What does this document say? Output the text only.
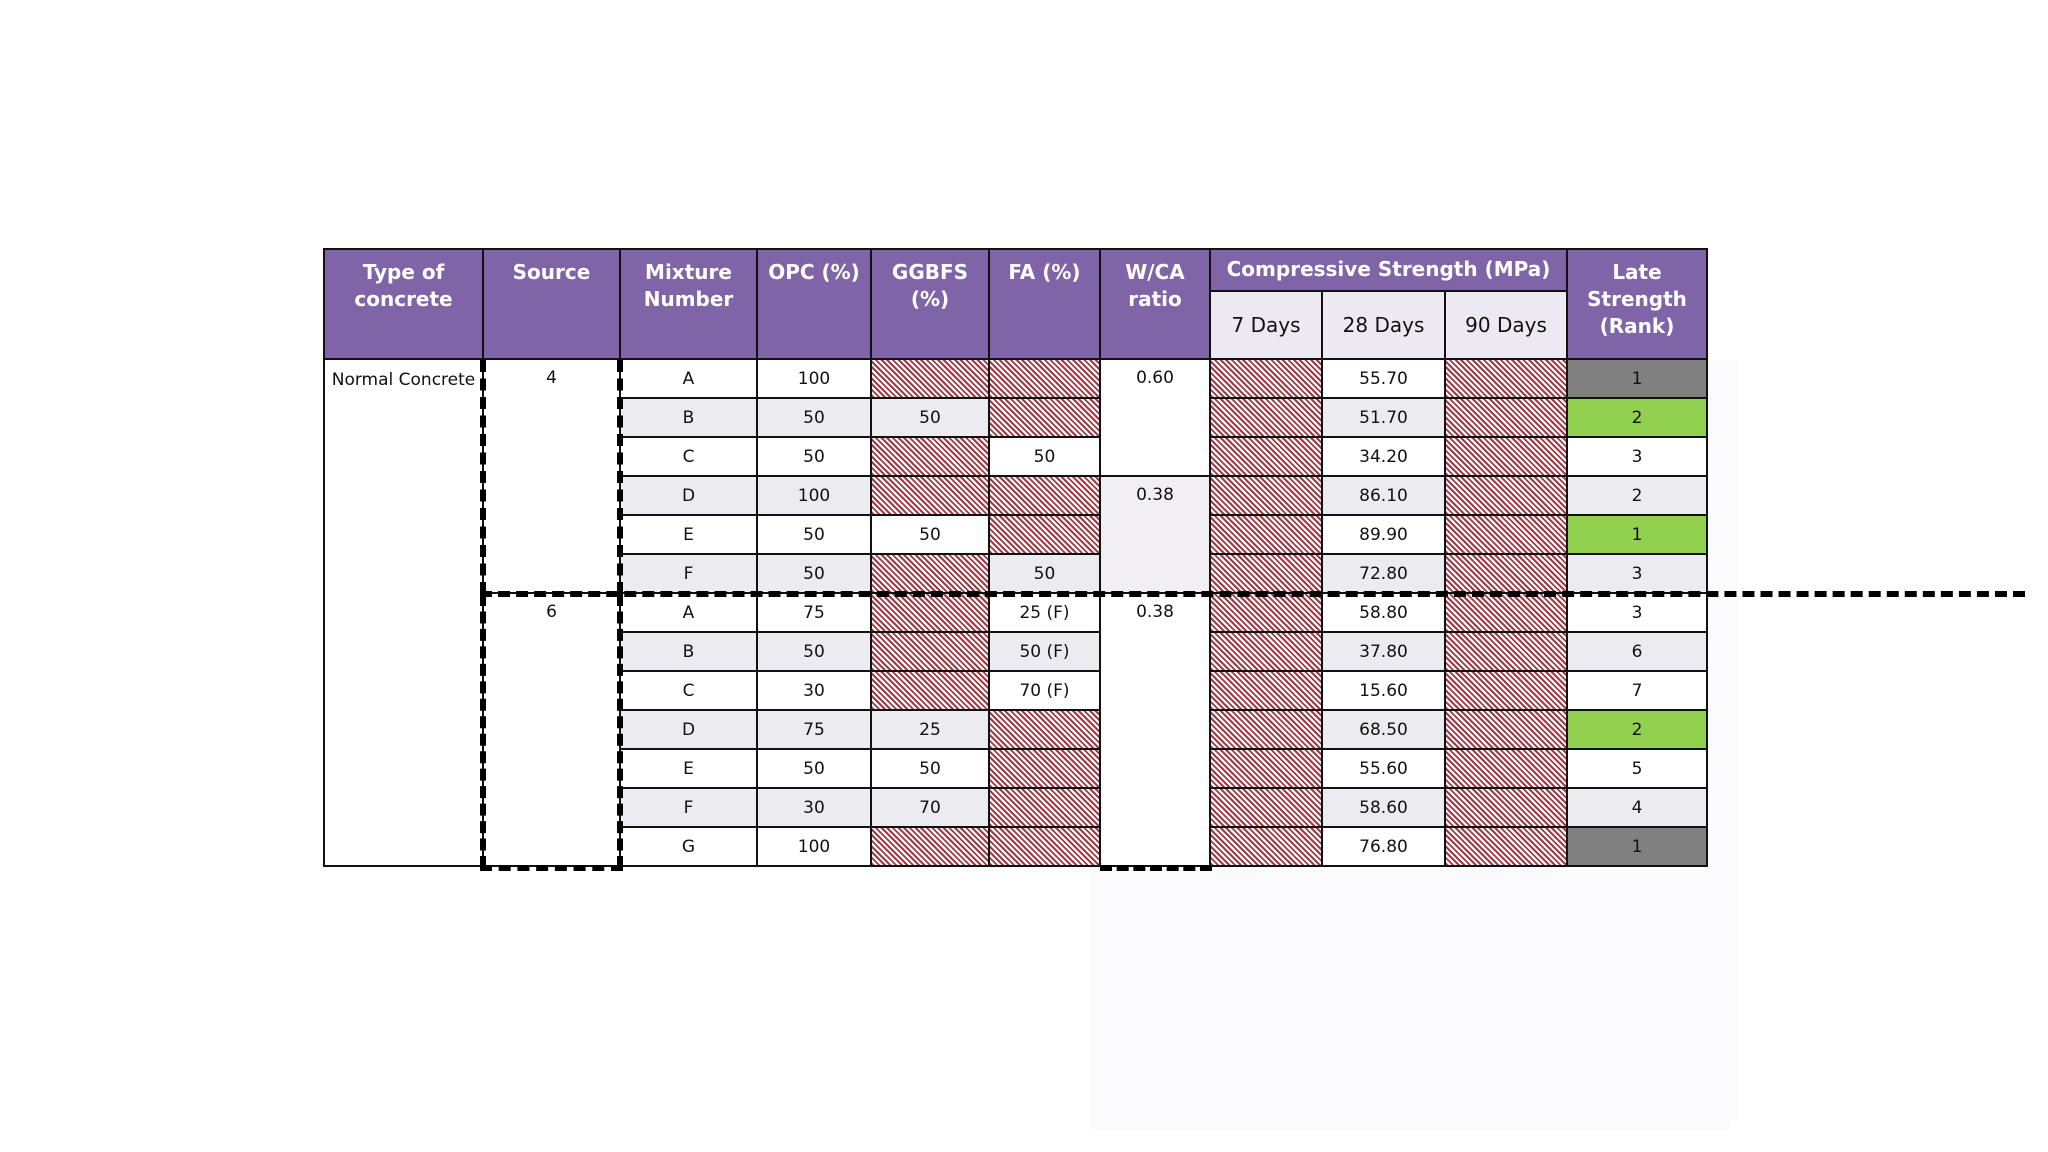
Type of concrete	Source	Mixture Number	OPC (%)	GGBFS (%)	FA (%)	W/CA ratio	Compressive Strength (MPa)			Late Strength (Rank)
							7 Days	28 Days	90 Days	
Normal Concrete	4	A	100			0.60		55.70		1
		B	50	50				51.70		2
		C	50		50			34.20		3
		D	100			0.38		86.10		2
		E	50	50				89.90		1
		F	50		50			72.80		3
	6	A	75		25 (F)	0.38		58.80		3
		B	50		50 (F)			37.80		6
		C	30		70 (F)			15.60		7
		D	75	25				68.50		2
		E	50	50				55.60		5
		F	30	70				58.60		4
		G	100					76.80		1
